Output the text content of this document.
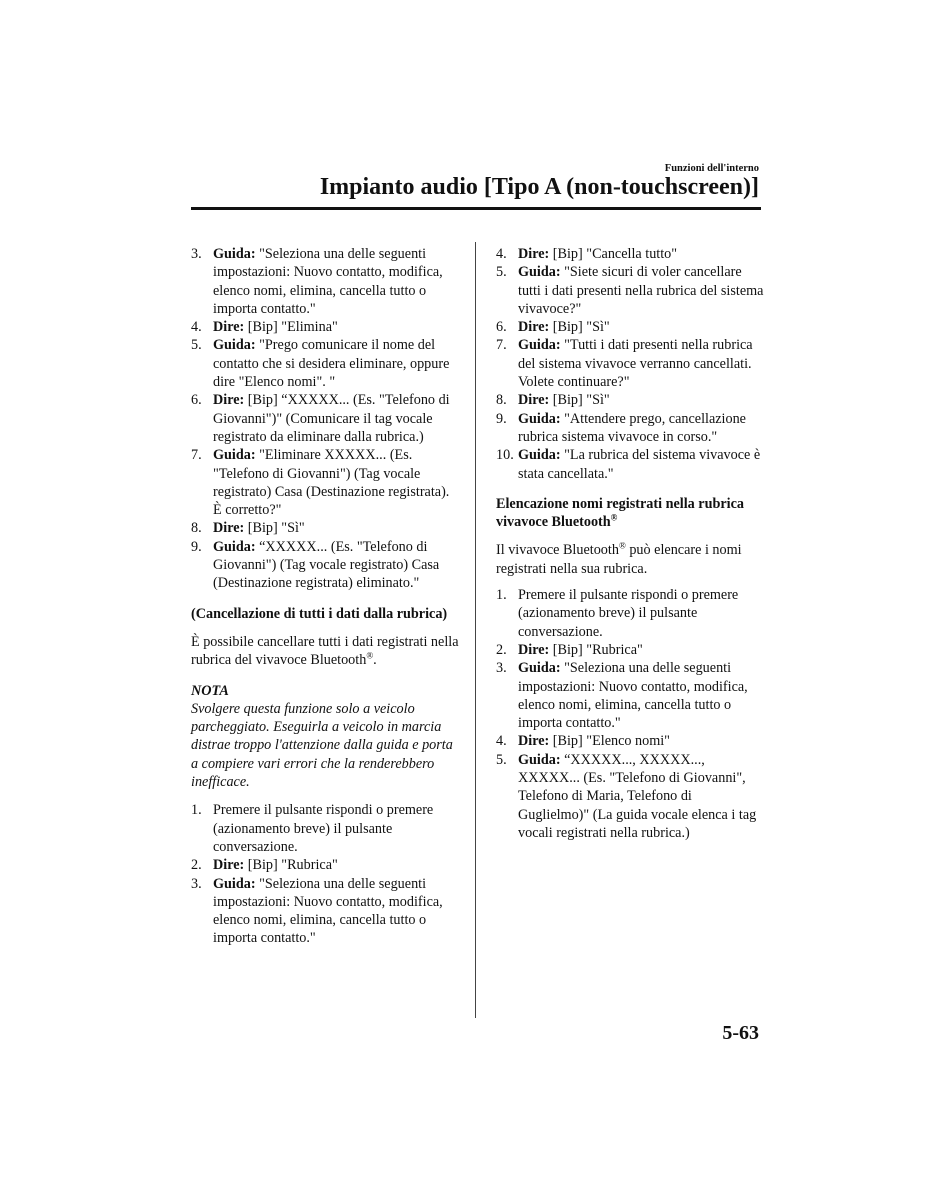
Funzioni dell'interno
Impianto audio [Tipo A (non-touchscreen)]
3. Guida: "Seleziona una delle seguenti impostazioni: Nuovo contatto, modifica, elenco nomi, elimina, cancella tutto o importa contatto."
4. Dire: [Bip] "Elimina"
5. Guida: "Prego comunicare il nome del contatto che si desidera eliminare, oppure dire "Elenco nomi". "
6. Dire: [Bip] “XXXXX... (Es. "Telefono di Giovanni")" (Comunicare il tag vocale registrato da eliminare dalla rubrica.)
7. Guida: "Eliminare XXXXX... (Es. "Telefono di Giovanni") (Tag vocale registrato) Casa (Destinazione registrata). È corretto?"
8. Dire: [Bip] "Sì"
9. Guida: “XXXXX... (Es. "Telefono di Giovanni") (Tag vocale registrato) Casa (Destinazione registrata) eliminato."

(Cancellazione di tutti i dati dalla rubrica)

È possibile cancellare tutti i dati registrati nella rubrica del vivavoce Bluetooth®.

NOTA

Svolgere questa funzione solo a veicolo parcheggiato. Eseguirla a veicolo in marcia distrae troppo l'attenzione dalla guida e porta a compiere vari errori che la renderebbero inefficace.

1. Premere il pulsante rispondi o premere (azionamento breve) il pulsante conversazione.
2. Dire: [Bip] "Rubrica"
3. Guida: "Seleziona una delle seguenti impostazioni: Nuovo contatto, modifica, elenco nomi, elimina, cancella tutto o importa contatto."
4. Dire: [Bip] "Cancella tutto"
5. Guida: "Siete sicuri di voler cancellare tutti i dati presenti nella rubrica del sistema vivavoce?"
6. Dire: [Bip] "Sì"
7. Guida: "Tutti i dati presenti nella rubrica del sistema vivavoce verranno cancellati. Volete continuare?"
8. Dire: [Bip] "Sì"
9. Guida: "Attendere prego, cancellazione rubrica sistema vivavoce in corso."
10. Guida: "La rubrica del sistema vivavoce è stata cancellata."

Elencazione nomi registrati nella rubrica vivavoce Bluetooth®

Il vivavoce Bluetooth® può elencare i nomi registrati nella sua rubrica.

1. Premere il pulsante rispondi o premere (azionamento breve) il pulsante conversazione.
2. Dire: [Bip] "Rubrica"
3. Guida: "Seleziona una delle seguenti impostazioni: Nuovo contatto, modifica, elenco nomi, elimina, cancella tutto o importa contatto."
4. Dire: [Bip] "Elenco nomi"
5. Guida: “XXXXX..., XXXXX..., XXXXX... (Es. "Telefono di Giovanni", Telefono di Maria, Telefono di Guglielmo)" (La guida vocale elenca i tag vocali registrati nella rubrica.)
5-63
